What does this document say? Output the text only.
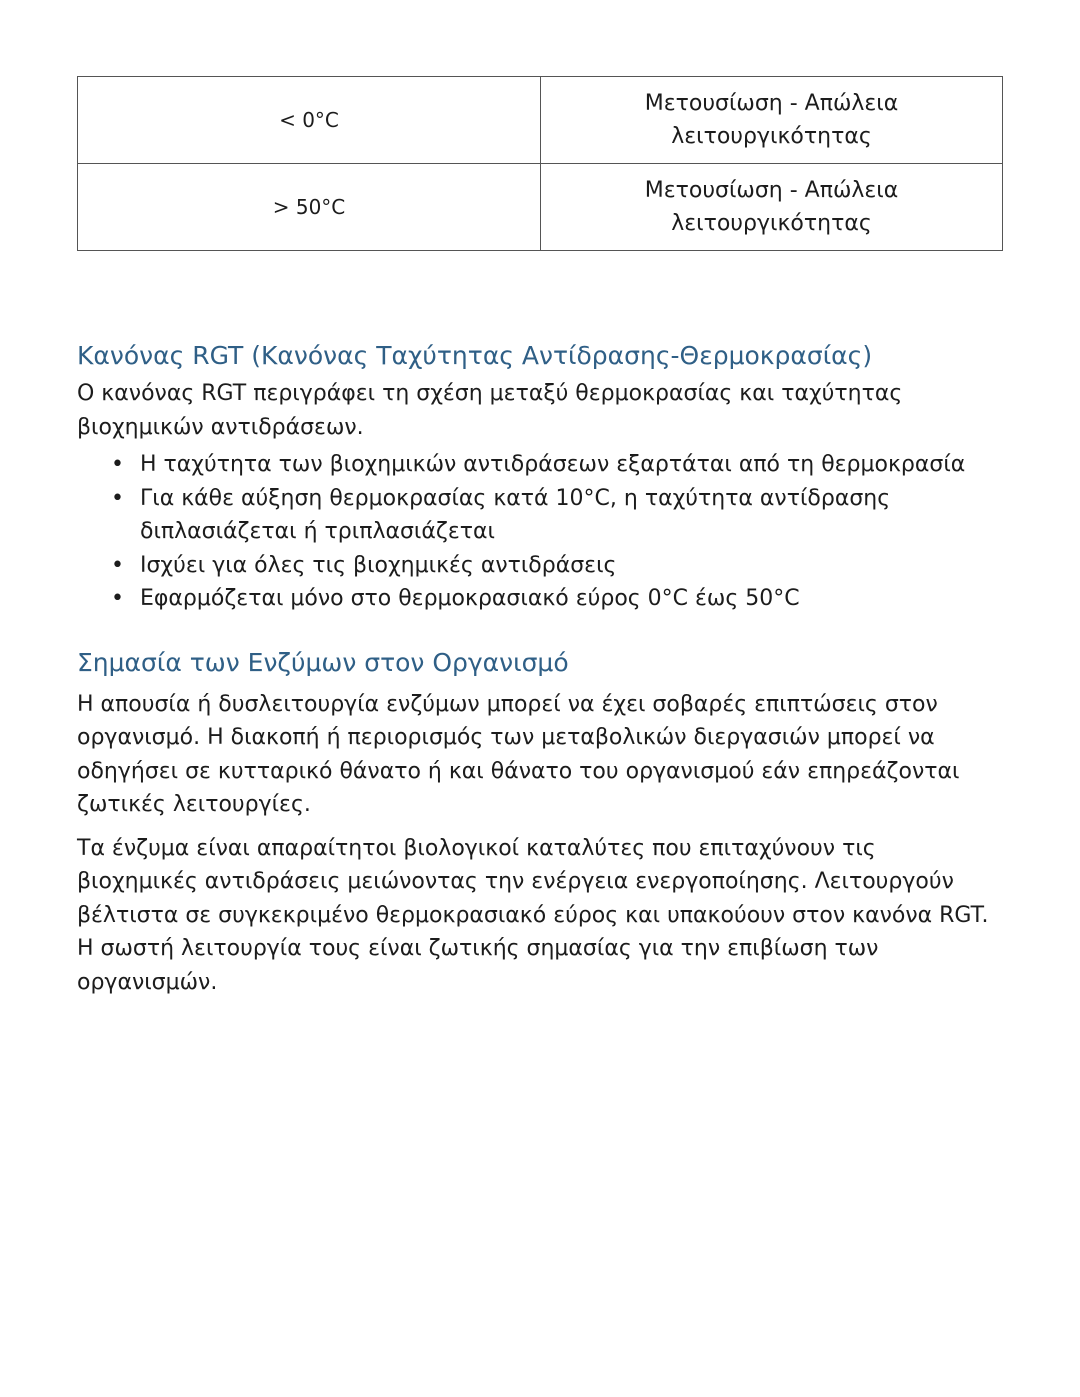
< 0°C	Μετουσίωση - Απώλεια λειτουργικότητας

> 50°C	Μετουσίωση - Απώλεια λειτουργικότητας
Κανόνας RGT (Κανόνας Ταχύτητας Αντίδρασης-Θερμοκρασίας)

Ο κανόνας RGT περιγράφει τη σχέση μεταξύ θερμοκρασίας και ταχύτητας βιοχημικών αντιδράσεων.

• Η ταχύτητα των βιοχημικών αντιδράσεων εξαρτάται από τη θερμοκρασία
• Για κάθε αύξηση θερμοκρασίας κατά 10°C, η ταχύτητα αντίδρασης διπλασιάζεται ή τριπλασιάζεται
• Ισχύει για όλες τις βιοχημικές αντιδράσεις
• Εφαρμόζεται μόνο στο θερμοκρασιακό εύρος 0°C έως 50°C
Σημασία των Ενζύμων στον Οργανισμό

Η απουσία ή δυσλειτουργία ενζύμων μπορεί να έχει σοβαρές επιπτώσεις στον οργανισμό. Η διακοπή ή περιορισμός των μεταβολικών διεργασιών μπορεί να οδηγήσει σε κυτταρικό θάνατο ή και θάνατο του οργανισμού εάν επηρεάζονται ζωτικές λειτουργίες.

Τα ένζυμα είναι απαραίτητοι βιολογικοί καταλύτες που επιταχύνουν τις βιοχημικές αντιδράσεις μειώνοντας την ενέργεια ενεργοποίησης. Λειτουργούν βέλτιστα σε συγκεκριμένο θερμοκρασιακό εύρος και υπακούουν στον κανόνα RGT. Η σωστή λειτουργία τους είναι ζωτικής σημασίας για την επιβίωση των οργανισμών.
